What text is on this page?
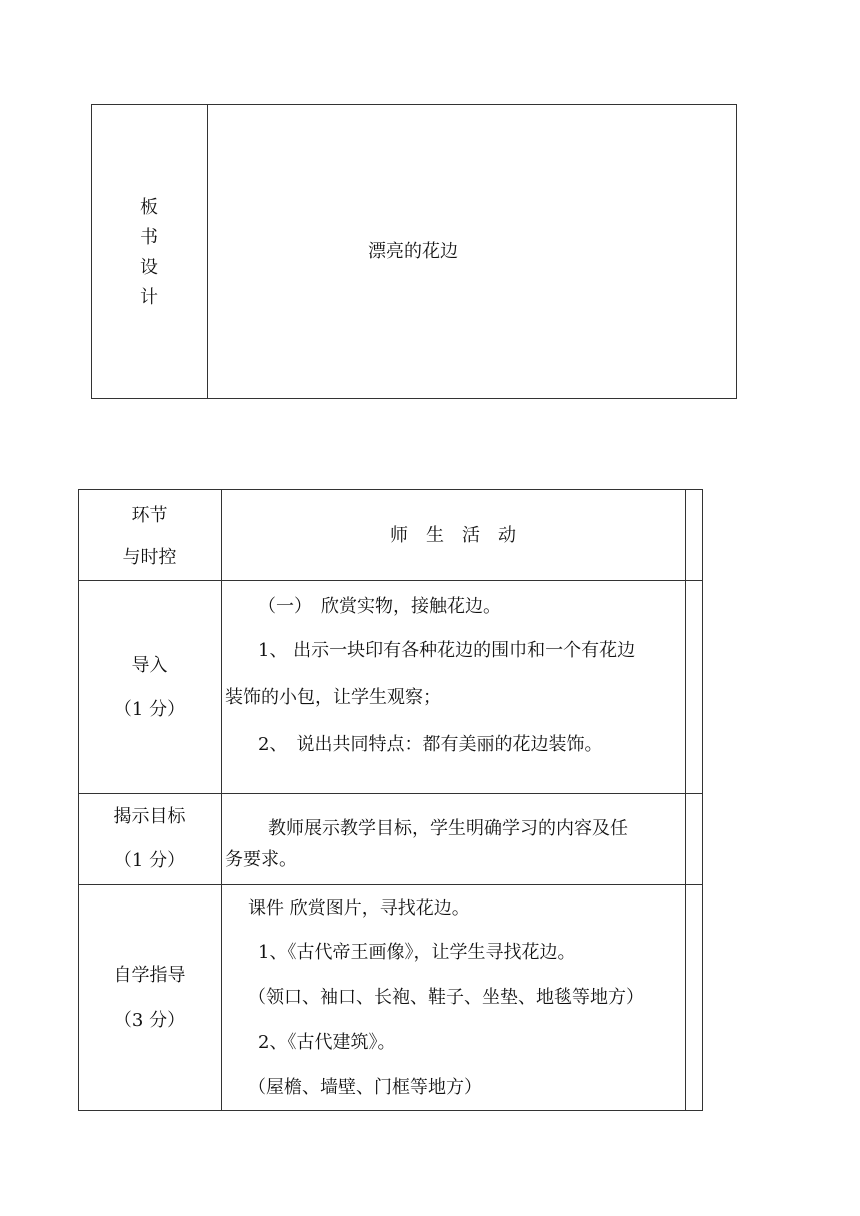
板
书
设
计
漂亮的花边
环节
与时控
师　生　活　动
导入
（1 分）
（一）　欣赏实物，接触花边。
1、 出示一块印有各种花边的围巾和一个有花边
装饰的小包，让学生观察；
2、　说出共同特点：都有美丽的花边装饰。
揭示目标
（1 分）
教师展示教学目标，学生明确学习的内容及任
务要求。
自学指导
（3 分）
课件 欣赏图片，寻找花边。
1、《古代帝王画像》，让学生寻找花边。
（领口、袖口、长袍、鞋子、坐垫、地毯等地方）
2、《古代建筑》。
（屋檐、墙壁、门框等地方）
